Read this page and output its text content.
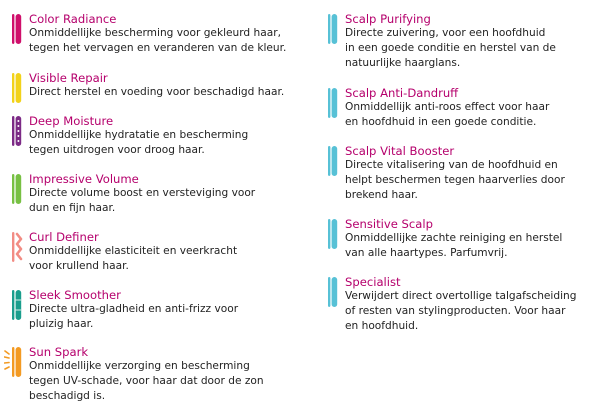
Color Radiance
Onmiddellijke bescherming voor gekleurd haar,
tegen het vervagen en veranderen van de kleur.
Visible Repair
Direct herstel en voeding voor beschadigd haar.
Deep Moisture
Onmiddellijke hydratatie en bescherming
tegen uitdrogen voor droog haar.
Impressive Volume
Directe volume boost en versteviging voor
dun en fijn haar.
Curl Definer
Onmiddellijke elasticiteit en veerkracht
voor krullend haar.
Sleek Smoother
Directe ultra-gladheid en anti-frizz voor
pluizig haar.
Sun Spark
Onmiddellijke verzorging en bescherming
tegen UV-schade, voor haar dat door de zon
beschadigd is.
Scalp Purifying
Directe zuivering, voor een hoofdhuid
in een goede conditie en herstel van de
natuurlijke haarglans.
Scalp Anti-Dandruff
Onmiddellijk anti-roos effect voor haar
en hoofdhuid in een goede conditie.
Scalp Vital Booster
Directe vitalisering van de hoofdhuid en
helpt beschermen tegen haarverlies door
brekend haar.
Sensitive Scalp
Onmiddellijke zachte reiniging en herstel
van alle haartypes. Parfumvrij.
Specialist
Verwijdert direct overtollige talgafscheiding
of resten van stylingproducten. Voor haar
en hoofdhuid.
